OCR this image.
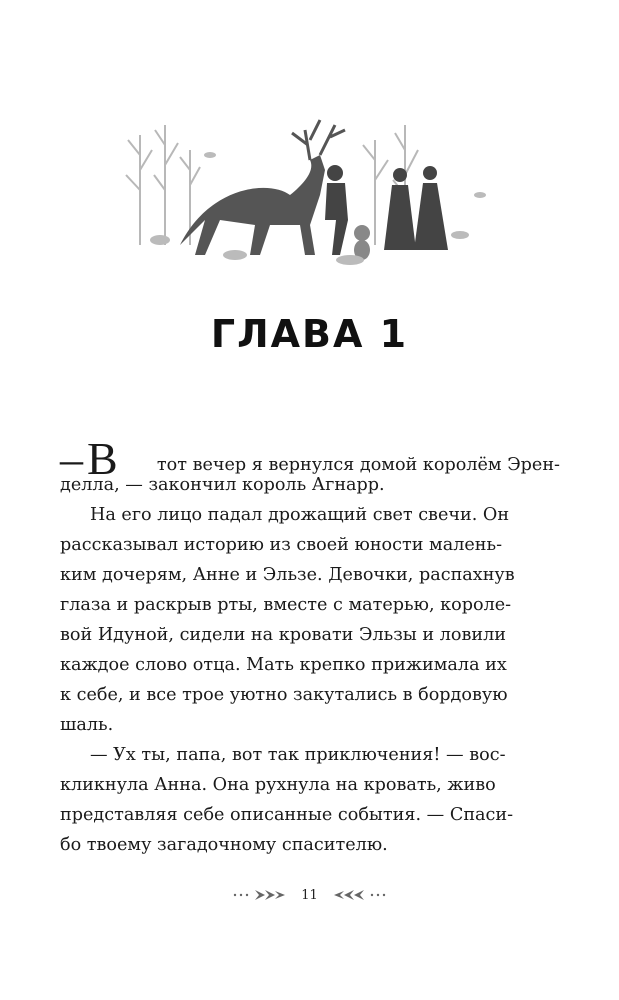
ГЛАВА 1
– В тот вечер я вернулся домой королём Эрен-
делла, — закончил король Агнарр.
На его лицо падал дрожащий свет свечи. Он
рассказывал историю из своей юности малень-
ким дочерям, Анне и Эльзе. Девочки, распахнув
глаза и раскрыв рты, вместе с матерью, короле-
вой Идуной, сидели на кровати Эльзы и ловили
каждое слово отца. Мать крепко прижимала их
к себе, и все трое уютно закутались в бордовую
шаль.
— Ух ты, папа, вот так приключения! — вос-
кликнула Анна. Она рухнула на кровать, живо
представляя себе описанные события. — Спаси-
бо твоему загадочному спасителю.
11
